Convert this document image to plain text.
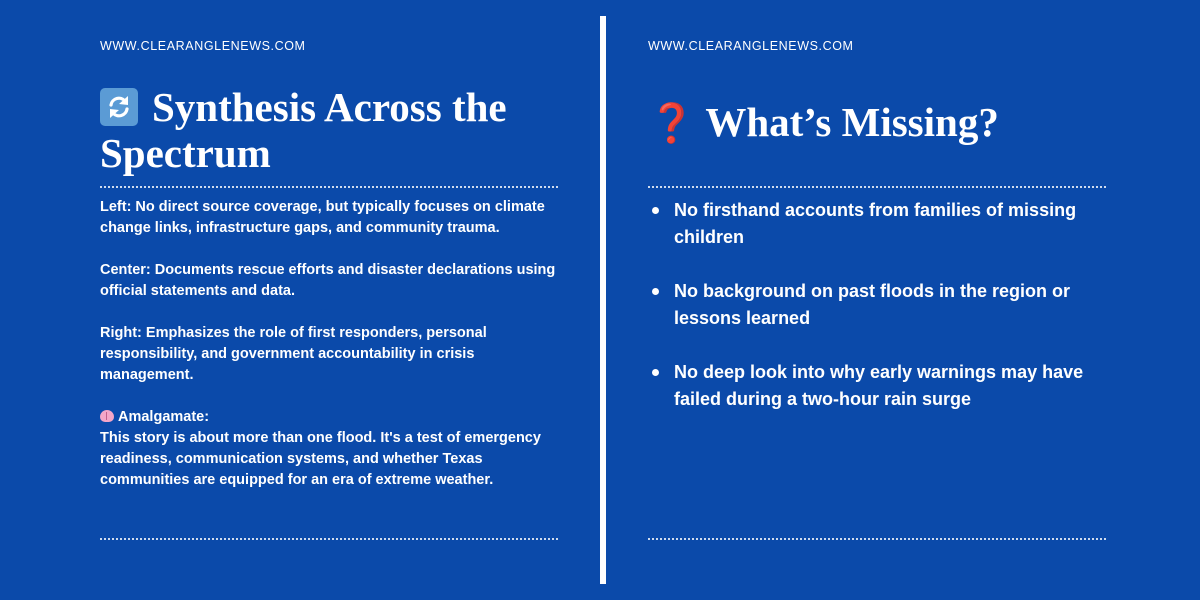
WWW.CLEARANGLENEWS.COM
Synthesis Across the Spectrum

Left: No direct source coverage, but typically focuses on climate change links, infrastructure gaps, and community trauma.

Center: Documents rescue efforts and disaster declarations using official statements and data.

Right: Emphasizes the role of first responders, personal responsibility, and government accountability in crisis management.

Amalgamate:
This story is about more than one flood. It's a test of emergency readiness, communication systems, and whether Texas communities are equipped for an era of extreme weather.
WWW.CLEARANGLENEWS.COM
❓ What’s Missing?
No firsthand accounts from families of missing children
No background on past floods in the region or lessons learned
No deep look into why early warnings may have failed during a two-hour rain surge
